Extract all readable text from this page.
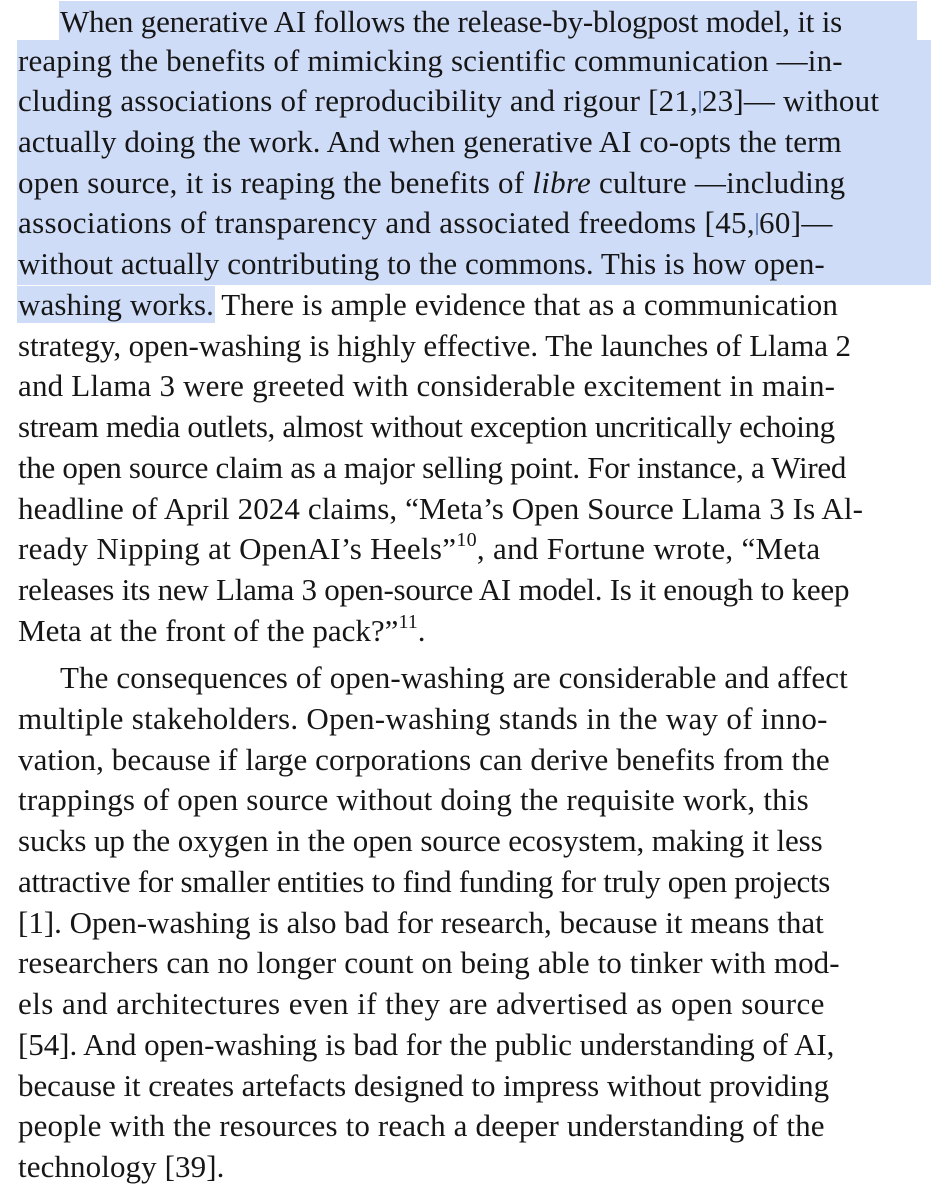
When generative AI follows the release-by-blogpost model, it is
reaping the benefits of mimicking scientific communication —in-
cluding associations of reproducibility and rigour [21, 23]— without
actually doing the work. And when generative AI co-opts the term
open source, it is reaping the benefits of libre culture —including
associations of transparency and associated freedoms [45, 60]—
without actually contributing to the commons. This is how open-
washing works. There is ample evidence that as a communication
strategy, open-washing is highly effective. The launches of Llama 2
and Llama 3 were greeted with considerable excitement in main-
stream media outlets, almost without exception uncritically echoing
the open source claim as a major selling point. For instance, a Wired
headline of April 2024 claims, “Meta’s Open Source Llama 3 Is Al-
ready Nipping at OpenAI’s Heels”$^{10}$, and Fortune wrote, “Meta
releases its new Llama 3 open-source AI model. Is it enough to keep
Meta at the front of the pack?”$^{11}$.
The consequences of open-washing are considerable and affect
multiple stakeholders. Open-washing stands in the way of inno-
vation, because if large corporations can derive benefits from the
trappings of open source without doing the requisite work, this
sucks up the oxygen in the open source ecosystem, making it less
attractive for smaller entities to find funding for truly open projects
[1]. Open-washing is also bad for research, because it means that
researchers can no longer count on being able to tinker with mod-
els and architectures even if they are advertised as open source
[54]. And open-washing is bad for the public understanding of AI,
because it creates artefacts designed to impress without providing
people with the resources to reach a deeper understanding of the
technology [39].
